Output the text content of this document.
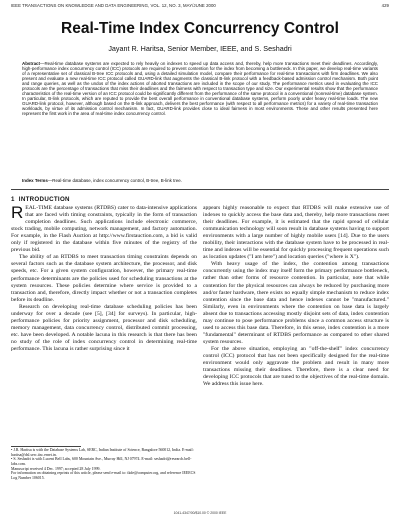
IEEE TRANSACTIONS ON KNOWLEDGE AND DATA ENGINEERING, VOL. 12, NO. 3, MAY/JUNE 2000	429
Real-Time Index Concurrency Control
Jayant R. Haritsa, Senior Member, IEEE, and S. Seshadri
Abstract—Real-time database systems are expected to rely heavily on indexes to speed up data access and, thereby, help more transactions meet their deadlines. Accordingly, high-performance index concurrency control (ICC) protocols are required to prevent contention for the index from becoming a bottleneck. In this paper, we develop real-time variants of a representative set of classical B-tree ICC protocols and, using a detailed simulation model, compare their performance for real-time transactions with firm deadlines. We also present and evaluate a new real-time ICC protocol called GUARD-link that augments the classical B-link protocol with a feedback-based admission control mechanism. Both point and range queries, as well as the undos of the index actions of aborted transactions are included in the scope of our study. The performance metrics used in evaluating the ICC protocols are the percentage of transactions that miss their deadlines and the fairness with respect to transaction type and size. Our experimental results show that the performance characteristics of the real-time version of an ICC protocol could be significantly different from the performance of the same protocol in a conventional (nonreal-time) database system. In particular, B-link protocols, which are reputed to provide the best overall performance in conventional database systems, perform poorly under heavy real-time loads. The new GUARD-link protocol, however, although based on the B-link approach, delivers the best performance (with respect to all performance metrics) for a variety of real-time transaction workloads, by virtue of its admission control mechanism. In fact, GUARD-link provides close to ideal fairness in most environments. These and other results presented here represent the first work in the area of real-time index concurrency control.
Index Terms—Real-time database, index concurrency control, B-tree, B-link tree.
1 INTRODUCTION

REAL-TIME database systems (RTDBS) cater to data-intensive applications that are faced with timing constraints, typically in the form of transaction completion deadlines. Such applications include electronic commerce, stock trading, mobile computing, network management, and factory automation. For example, in the Flash Auction at http://www.firstauction.com, a bid is valid only if registered in the database within five minutes of the registry of the previous bid.

The ability of an RTDBS to meet transaction timing constraints depends on several factors such as the database system architecture, the processor, and disk speeds, etc. For a given system configuration, however, the primary real-time performance determinants are the policies used for scheduling transactions at the system resources. These policies determine where service is provided to a transaction and, therefore, directly impact whether or not a transaction completes before its deadline.

Research on developing real-time database scheduling policies has been underway for over a decade (see [5], [34] for surveys). In particular, high-performance policies for priority assignment, processor and disk scheduling, memory management, data concurrency control, distributed commit processing, etc. have been developed. A notable lacuna in this research is that there has been no study of the role of index concurrency control in determining real-time performance. This lacuna is rather surprising since it

• J.R. Haritsa is with the Database Systems Lab, SERC, Indian Institute of Science, Bangalore 560012, India. E-mail: haritsa@dsl.serc.iisc.ernet.in.
• S. Seshadri is with Lucent Bell Labs, 600 Mountain Ave., Murray Hill, NJ 07974. E-mail: seshadri@research.bell-labs.com.
Manuscript received 4 Dec. 1997; accepted 28 July 1999.
For information on obtaining reprints of this article, please send e-mail to: tkde@computer.org, and reference IEEECS Log Number 106015.

appears highly reasonable to expect that RTDBS will make extensive use of indexes to quickly access the base data and, thereby, help more transactions meet their deadlines. For example, it is estimated that the rapid spread of cellular communication technology will soon result in database systems having to support environments with a large number of highly mobile users [14]. Due to the users mobility, their interactions with the database system have to be processed in real-time and indexes will be essential for quickly processing frequent operations such as location updates ("I am here") and location queries ("where is X").

With heavy usage of the index, the contention among transactions concurrently using the index may itself form the primary performance bottleneck, rather than other forms of resource contention. In particular, note that while contention for the physical resources can always be reduced by purchasing more and/or faster hardware, there exists no equally simple mechanism to reduce index contention since the base data and hence indexes cannot be "manufactured." Similarly, even in environments where the contention on base data is largely absent due to transactions accessing mostly disjoint sets of data, index contention may continue to pose performance problems since a common access structure is used to access this base data. Therefore, in this sense, index contention is a more "fundamental" determinant of RTDBS performance as compared to other shared system resources.

For the above situation, employing an "off-the-shelf" index concurrency control (ICC) protocol that has not been specifically designed for the real-time environment would only aggravate the problem and result in many more transactions missing their deadlines. Therefore, there is a clear need for developing ICC protocols that are tuned to the objectives of the real-time domain. We address this issue here.

1041-4347/00/$10.00 © 2000 IEEE
